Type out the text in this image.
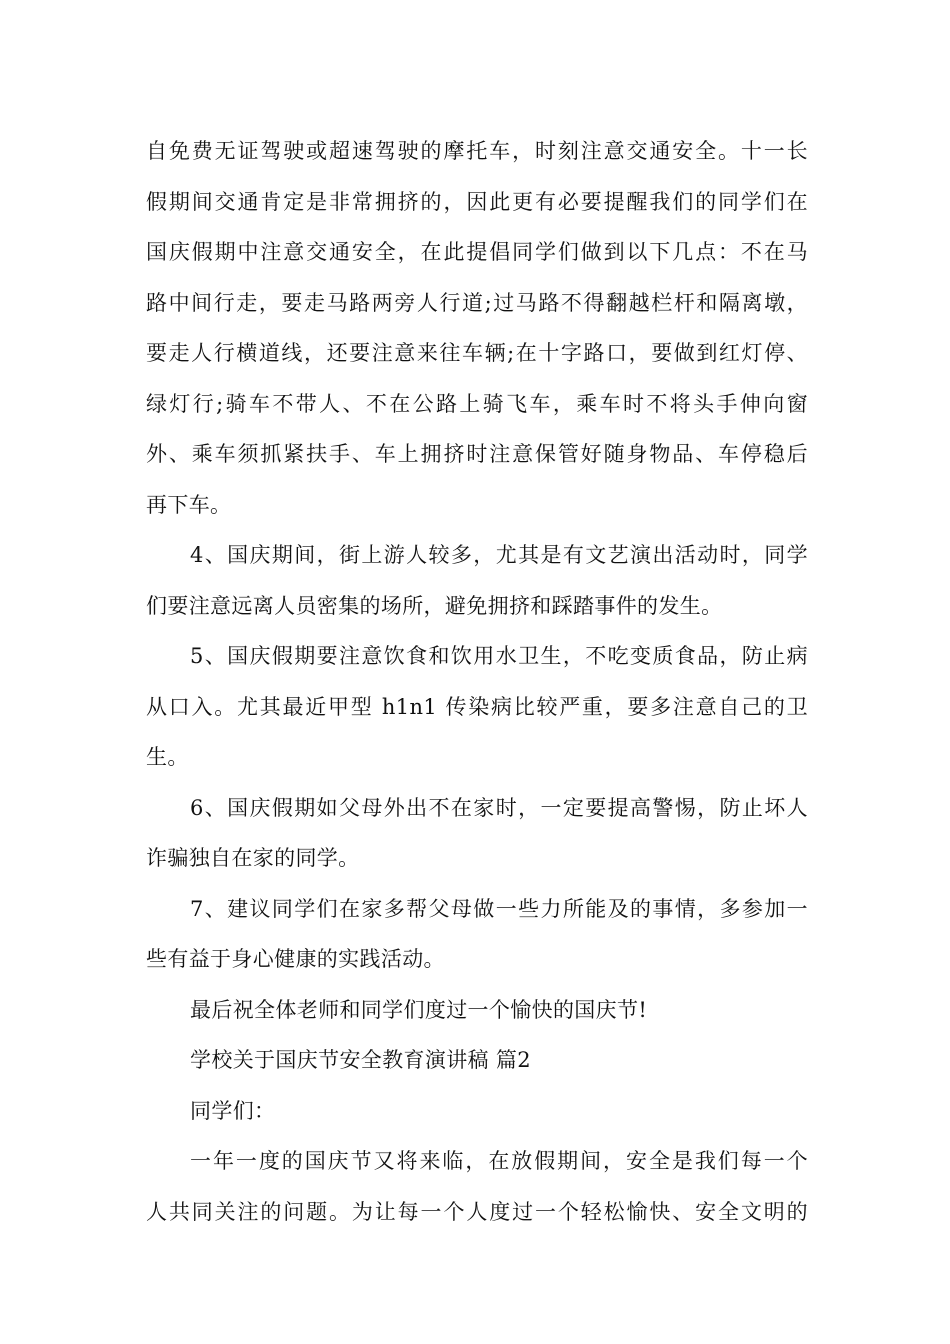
自免费无证驾驶或超速驾驶的摩托车，时刻注意交通安全。十一长
假期间交通肯定是非常拥挤的，因此更有必要提醒我们的同学们在
国庆假期中注意交通安全，在此提倡同学们做到以下几点：不在马
路中间行走，要走马路两旁人行道;过马路不得翻越栏杆和隔离墩，
要走人行横道线，还要注意来往车辆;在十字路口，要做到红灯停、
绿灯行;骑车不带人、不在公路上骑飞车，乘车时不将头手伸向窗
外、乘车须抓紧扶手、车上拥挤时注意保管好随身物品、车停稳后
再下车。
4、国庆期间，街上游人较多，尤其是有文艺演出活动时，同学
们要注意远离人员密集的场所，避免拥挤和踩踏事件的发生。
5、国庆假期要注意饮食和饮用水卫生，不吃变质食品，防止病
从口入。尤其最近甲型 h1n1 传染病比较严重，要多注意自己的卫
生。
6、国庆假期如父母外出不在家时，一定要提高警惕，防止坏人
诈骗独自在家的同学。
7、建议同学们在家多帮父母做一些力所能及的事情，多参加一
些有益于身心健康的实践活动。
最后祝全体老师和同学们度过一个愉快的国庆节!
学校关于国庆节安全教育演讲稿 篇2
同学们：
一年一度的国庆节又将来临，在放假期间，安全是我们每一个
人共同关注的问题。为让每一个人度过一个轻松愉快、安全文明的
